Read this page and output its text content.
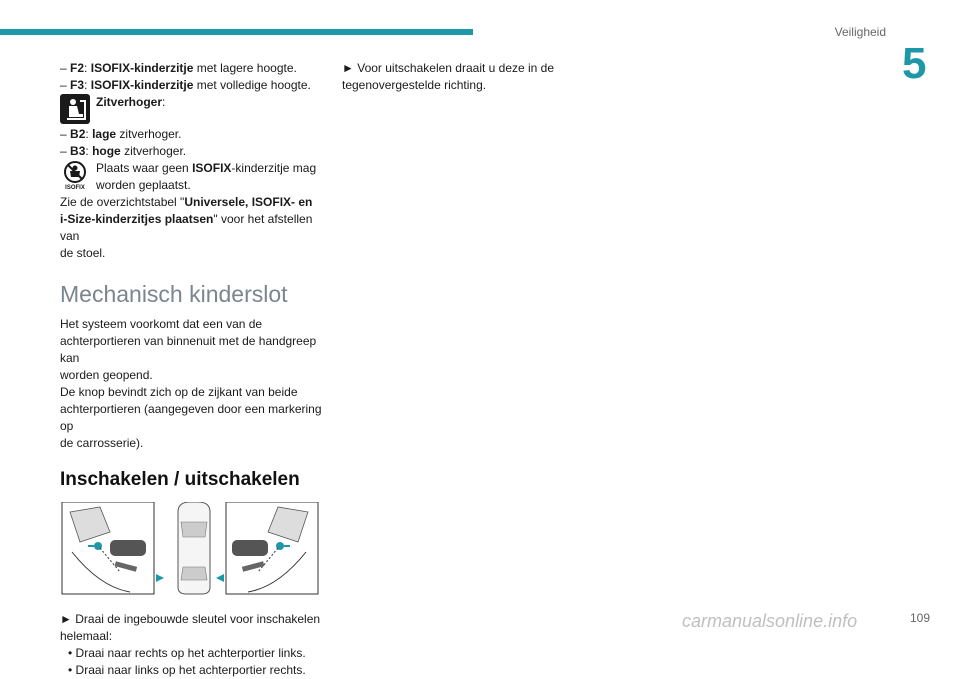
Veiligheid
5
– F2: ISOFIX-kinderzitje met lagere hoogte.
– F3: ISOFIX-kinderzitje met volledige hoogte.
Zitverhoger:
– B2: lage zitverhoger.
– B3: hoge zitverhoger.
ISOFIX
Plaats waar geen ISOFIX-kinderzitje mag
worden geplaatst.
Zie de overzichtstabel "Universele, ISOFIX- en
i-Size-kinderzitjes plaatsen" voor het afstellen van
de stoel.
Mechanisch kinderslot
Het systeem voorkomt dat een van de
achterportieren van binnenuit met de handgreep kan
worden geopend.
De knop bevindt zich op de zijkant van beide
achterportieren (aangegeven door een markering op
de carrosserie).
Inschakelen / uitschakelen
► Draai de ingebouwde sleutel voor inschakelen
helemaal:
• Draai naar rechts op het achterportier links.
• Draai naar links op het achterportier rechts.
► Voor uitschakelen draait u deze in de
tegenovergestelde richting.
109
carmanualsonline.info
